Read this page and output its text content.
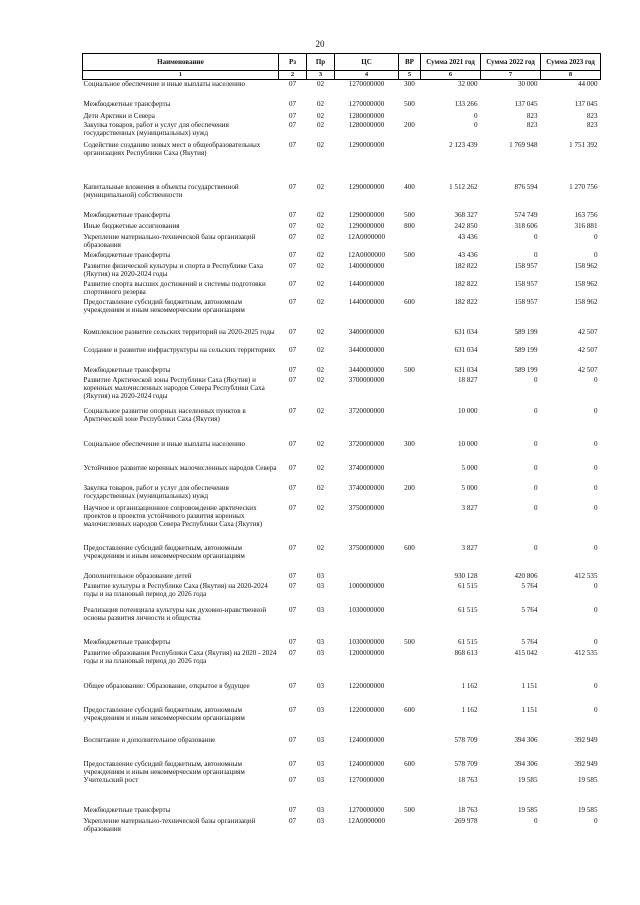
20
Наименование	Рз	Пр	ЦС	ВР	Сумма 2021 год	Сумма 2022 год	Сумма 2023 год
1	2	3	4	5	6	7	8
Социальное обеспечение и иные выплаты населению	07	02	1270000000	300	32 000	30 000	44 000
Межбюджетные трансферты	07	02	1270000000	500	133 266	137 045	137 045
Дети Арктики и Севера	07	02	1280000000		0	823	823
Закупка товаров, работ и услуг для обеспечения государственных (муниципальных) нужд	07	02	1280000000	200	0	823	823
Содействие созданию новых мест в общеобразовательных организациях Республики Саха (Якутия)	07	02	1290000000		2 123 439	1 769 948	1 751 392
Капитальные вложения в объекты государственной (муниципальной) собственности	07	02	1290000000	400	1 512 262	876 594	1 270 756
Межбюджетные трансферты	07	02	1290000000	500	368 327	574 749	163 756
Иные бюджетные ассигнования	07	02	1290000000	800	242 850	318 606	316 881
Укрепление материально-технической базы организаций образования	07	02	12А0000000		43 436	0	0
Межбюджетные трансферты	07	02	12А0000000	500	43 436	0	0
Развитие физической культуры и спорта в Республике Саха (Якутия) на 2020-2024 годы	07	02	1400000000		182 822	158 957	158 962
Развитие спорта высших достижений и системы подготовки спортивного резерва	07	02	1440000000		182 822	158 957	158 962
Предоставление субсидий бюджетным, автономным учреждениям и иным некоммерческим организациям	07	02	1440000000	600	182 822	158 957	158 962
Комплексное развитие сельских территорий на 2020-2025 годы	07	02	3400000000		631 034	589 199	42 507
Создание и развитие инфраструктуры на сельских территориях	07	02	3440000000		631 034	589 199	42 507
Межбюджетные трансферты	07	02	3440000000	500	631 034	589 199	42 507
Развитие Арктической зоны Республики Саха (Якутия) и коренных малочисленных народов Севера Республики Саха (Якутия) на 2020-2024 годы	07	02	3700000000		18 827	0	0
Социальное развитие опорных населенных пунктов в Арктической зоне Республики Саха (Якутия)	07	02	3720000000		10 000	0	0
Социальное обеспечение и иные выплаты населению	07	02	3720000000	300	10 000	0	0
Устойчивое развитие коренных малочисленных народов Севера	07	02	3740000000		5 000	0	0
Закупка товаров, работ и услуг для обеспечения государственных (муниципальных) нужд	07	02	3740000000	200	5 000	0	0
Научное и организационное сопровождение арктических проектов и проектов устойчивого развития коренных малочисленных народов Севера Республики Саха (Якутия)	07	02	3750000000		3 827	0	0
Предоставление субсидий бюджетным, автономным учреждениям и иным некоммерческим организациям	07	02	3750000000	600	3 827	0	0
Дополнительное образование детей	07	03			930 128	420 806	412 535
Развитие культуры в Республике Саха (Якутия) на 2020-2024 годы и на плановый период до 2026 года	07	03	1000000000		61 515	5 764	0
Реализация потенциала культуры как духовно-нравственной основы развития личности и общества	07	03	1030000000		61 515	5 764	0
Межбюджетные трансферты	07	03	1030000000	500	61 515	5 764	0
Развитие образования Республики Саха (Якутия) на 2020 - 2024 годы и на плановый период до 2026 года	07	03	1200000000		868 613	415 042	412 535
Общее образование: Образование, открытое в будущее	07	03	1220000000		1 162	1 151	0
Предоставление субсидий бюджетным, автономным учреждениям и иным некоммерческим организациям	07	03	1220000000	600	1 162	1 151	0
Воспитание и дополнительное образование	07	03	1240000000		578 709	394 306	392 949
Предоставление субсидий бюджетным, автономным учреждениям и иным некоммерческим организациям	07	03	1240000000	600	578 709	394 306	392 949
Учительский рост	07	03	1270000000		18 763	19 585	19 585
Межбюджетные трансферты	07	03	1270000000	500	18 763	19 585	19 585
Укрепление материально-технической базы организаций образования	07	03	12А0000000		269 978	0	0
